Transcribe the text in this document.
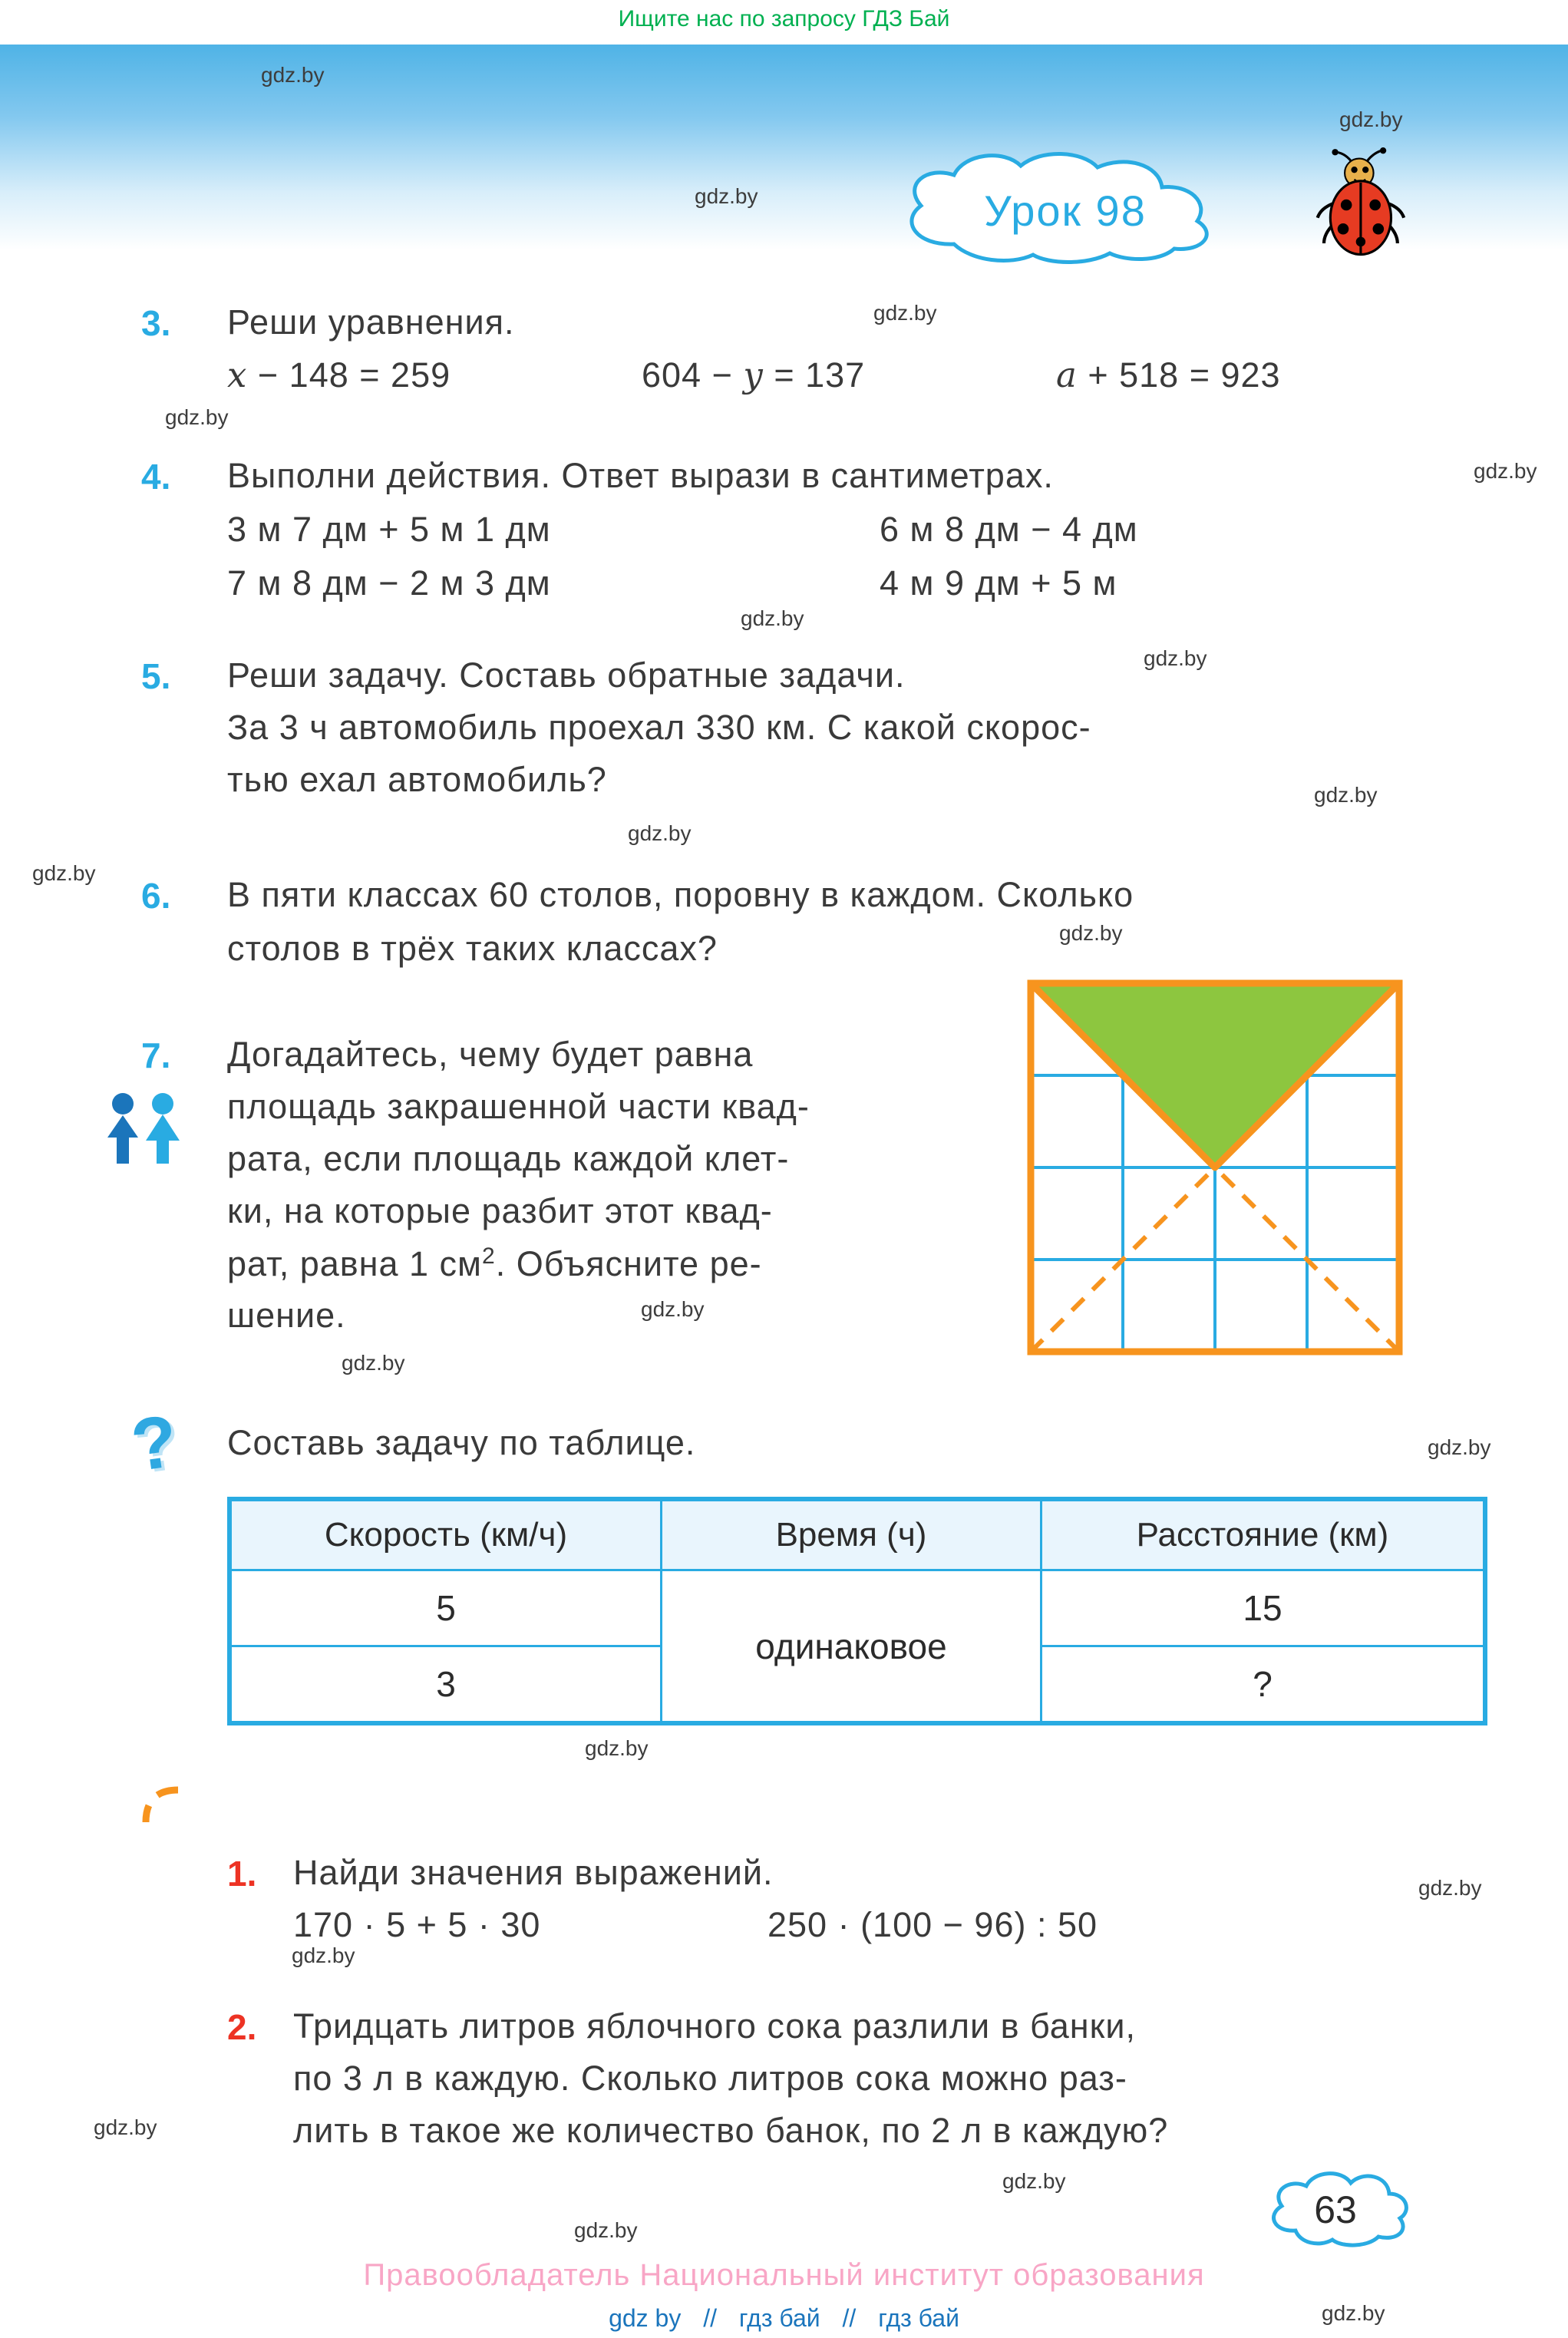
Ищите нас по запросу ГДЗ Бай
gdz.by
gdz.by
gdz.by
gdz.by
gdz.by
gdz.by
gdz.by
gdz.by
gdz.by
gdz.by
gdz.by
gdz.by
gdz.by
gdz.by
gdz.by
gdz.by
gdz.by
gdz.by
gdz.by
gdz.by
gdz.by
gdz.by
Урок 98
3. Реши уравнения.
x − 148 = 259	604 − y = 137	a + 518 = 923
4. Выполни действия. Ответ вырази в сантиметрах.
3 м 7 дм + 5 м 1 дм	6 м 8 дм − 4 дм
7 м 8 дм − 2 м 3 дм	4 м 9 дм + 5 м
5. Реши задачу. Составь обратные задачи.
За 3 ч автомобиль проехал 330 км. С какой скорос-
тью ехал автомобиль?
6. В пяти классах 60 столов, поровну в каждом. Сколько
столов в трёх таких классах?
7. Догадайтесь, чему будет равна
площадь закрашенной части квад-
рата, если площадь каждой клет-
ки, на которые разбит этот квад-
рат, равна 1 $см^2$. Объясните ре-
шение.
? Составь задачу по таблице.
Скорость (км/ч)	Время (ч)	Расстояние (км)
5	одинаковое	15
3		?
1. Найди значения выражений.
170 · 5 + 5 · 30	250 · (100 − 96) : 50
2. Тридцать литров яблочного сока разлили в банки,
по 3 л в каждую. Сколько литров сока можно раз-
лить в такое же количество банок, по 2 л в каждую?
63
Правообладатель Национальный институт образования
gdz by // гдз бай // гдз бай
